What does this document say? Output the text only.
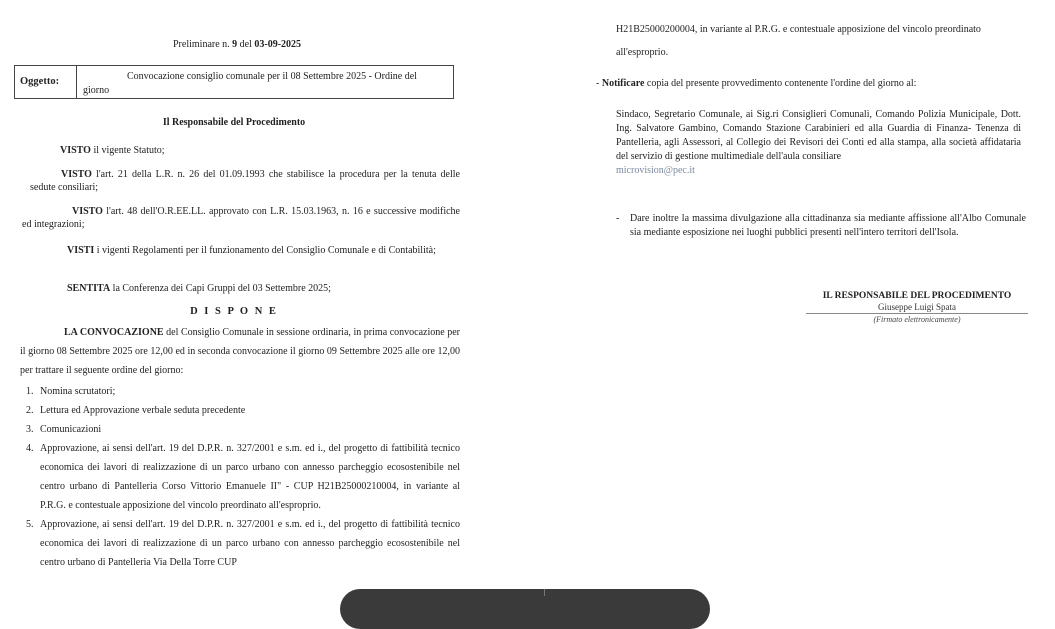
Preliminare n. 9 del 03-09-2025
Oggetto:	Convocazione consiglio comunale per il 08 Settembre 2025 - Ordine del
giorno
Il Responsabile del Procedimento

VISTO il vigente Statuto;

VISTO l'art. 21 della L.R. n. 26 del 01.09.1993 che stabilisce la procedura per la tenuta delle sedute consiliari;

VISTO l'art. 48 dell'O.R.EE.LL. approvato con L.R. 15.03.1963, n. 16 e successive modifiche ed integrazioni;

VISTI i vigenti Regolamenti per il funzionamento del Consiglio Comunale e di Contabilità;

SENTITA la Conferenza dei Capi Gruppi del 03 Settembre 2025;

D I S P O N E

LA CONVOCAZIONE del Consiglio Comunale in sessione ordinaria, in prima convocazione per il giorno 08 Settembre 2025 ore 12,00 ed in seconda convocazione il giorno 09 Settembre 2025 alle ore 12,00 per trattare il seguente ordine del giorno:

1. Nomina scrutatori;
2. Lettura ed Approvazione verbale seduta precedente
3. Comunicazioni
4. Approvazione, ai sensi dell'art. 19 del D.P.R. n. 327/2001 e s.m. ed i., del progetto di fattibilità tecnico economica dei lavori di realizzazione di un parco urbano con annesso parcheggio ecosostenibile nel centro urbano di Pantelleria Corso Vittorio Emanuele II" - CUP H21B25000210004, in variante al P.R.G. e contestuale apposizione del vincolo preordinato all'esproprio.
5. Approvazione, ai sensi dell'art. 19 del D.P.R. n. 327/2001 e s.m. ed i., del progetto di fattibilità tecnico economica dei lavori di realizzazione di un parco urbano con annesso parcheggio ecosostenibile nel centro urbano di Pantelleria Via Della Torre CUP

H21B25000200004, in variante al P.R.G. e contestuale apposizione del vincolo preordinato all'esproprio.

- Notificare copia del presente provvedimento contenente l'ordine del giorno al:

Sindaco, Segretario Comunale, ai Sig.ri Consiglieri Comunali, Comando Polizia Municipale, Dott. Ing. Salvatore Gambino, Comando Stazione Carabinieri ed alla Guardia di Finanza- Tenenza di Pantelleria, agli Assessori, al Collegio dei Revisori dei Conti ed alla stampa, alla società affidataria del servizio di gestione multimediale dell'aula consiliare
microvision@pec.it

-	Dare inoltre la massima divulgazione alla cittadinanza sia mediante affissione all'Albo Comunale sia mediante esposizione nei luoghi pubblici presenti nell'intero territori dell'Isola.
IL RESPONSABILE DEL PROCEDIMENTO
Giuseppe Luigi Spata
(Firmato elettronicamente)
